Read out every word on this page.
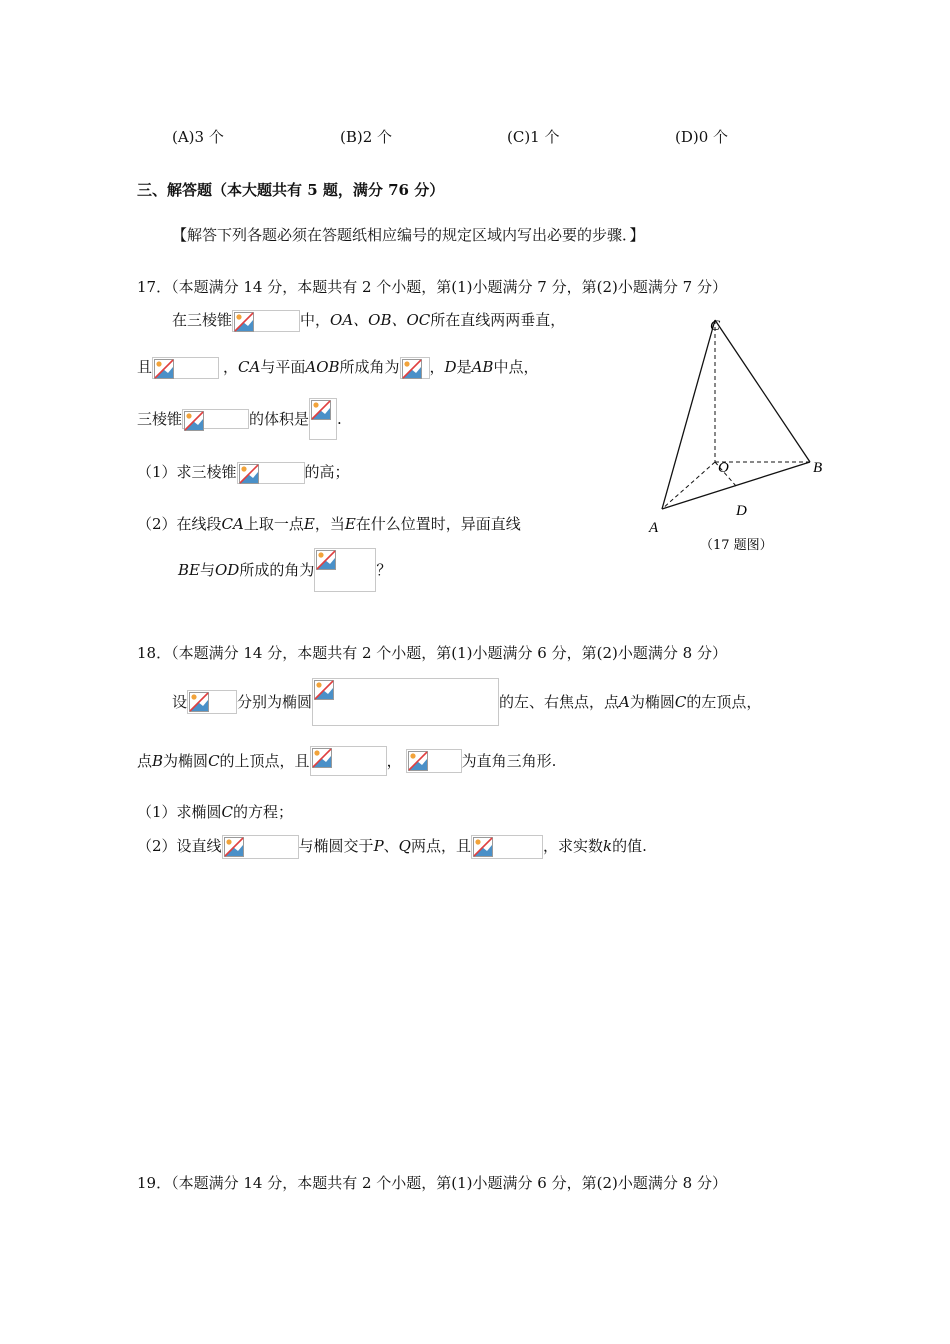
(A)3 个	(B)2 个	(C)1 个	(D)0 个
三、解答题（本大题共有 5 题，满分 76 分）
【解答下列各题必须在答题纸相应编号的规定区域内写出必要的步骤．】
17．（本题满分 14 分，本题共有 2 个小题，第(1)小题满分 7 分，第(2)小题满分 7 分）
在三棱锥	中，OA、OB、OC所在直线两两垂直，
且	，CA与平面AOB所成角为 ，D是AB中点，
三棱锥	的体积是 .
（1）求三棱锥	的高；
（2）在线段CA上取一点E，当E在什么位置时，异面直线
BE与OD所成的角为	？
C
O	B
A
D
（17 题图）
18．（本题满分 14 分，本题共有 2 个小题，第(1)小题满分 6 分，第(2)小题满分 8 分）
设	分别为椭圆	的左、右焦点，点A为椭圆C的左顶点，
点B为椭圆C的上顶点，且	，	为直角三角形.
（1）求椭圆C的方程；
（2）设直线	与椭圆交于P、Q两点，且	，求实数k的值.
19．（本题满分 14 分，本题共有 2 个小题，第(1)小题满分 6 分，第(2)小题满分 8 分）
